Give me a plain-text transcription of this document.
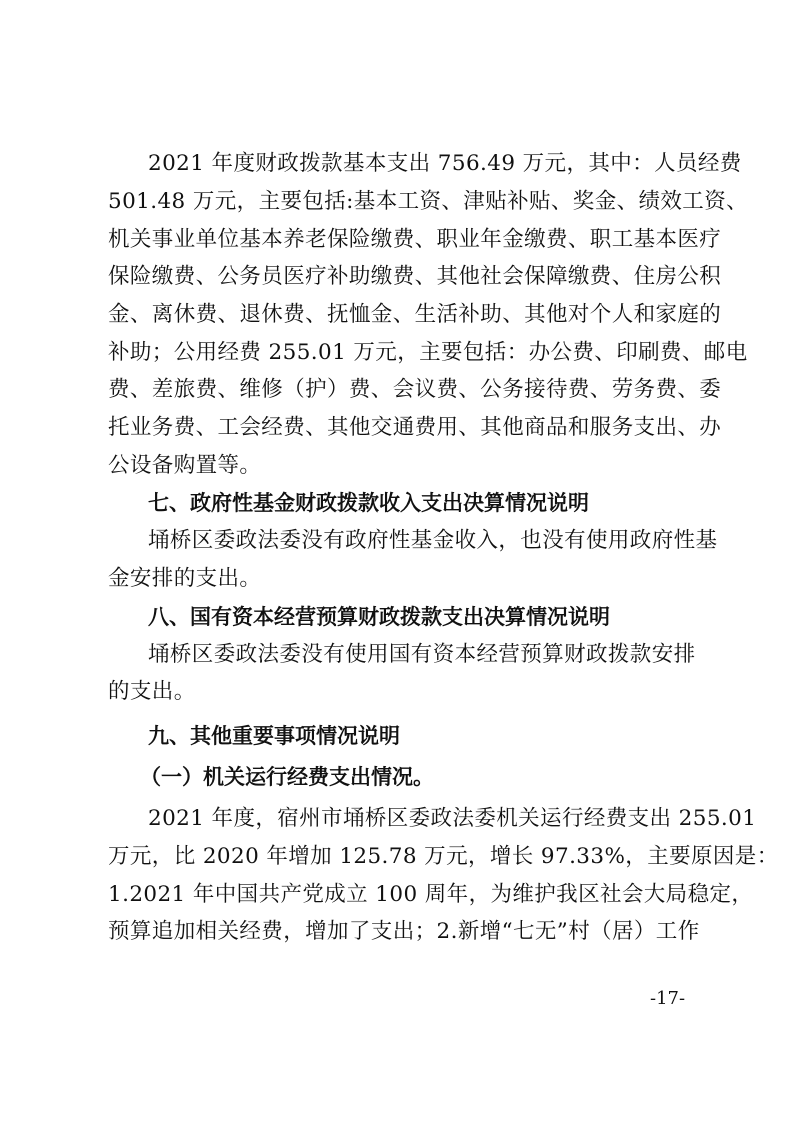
2021 年度财政拨款基本支出 756.49 万元，其中：人员经费
501.48 万元，主要包括:基本工资、津贴补贴、奖金、绩效工资、
机关事业单位基本养老保险缴费、职业年金缴费、职工基本医疗
保险缴费、公务员医疗补助缴费、其他社会保障缴费、住房公积
金、离休费、退休费、抚恤金、生活补助、其他对个人和家庭的
补助；公用经费 255.01 万元，主要包括：办公费、印刷费、邮电
费、差旅费、维修（护）费、会议费、公务接待费、劳务费、委
托业务费、工会经费、其他交通费用、其他商品和服务支出、办
公设备购置等。
七、政府性基金财政拨款收入支出决算情况说明
埇桥区委政法委没有政府性基金收入，也没有使用政府性基
金安排的支出。
八、国有资本经营预算财政拨款支出决算情况说明
埇桥区委政法委没有使用国有资本经营预算财政拨款安排
的支出。
九、其他重要事项情况说明
（一）机关运行经费支出情况。
2021 年度，宿州市埇桥区委政法委机关运行经费支出 255.01
万元，比 2020 年增加 125.78 万元，增长 97.33%，主要原因是：
1.2021 年中国共产党成立 100 周年，为维护我区社会大局稳定，
预算追加相关经费，增加了支出；2.新增“七无”村（居）工作
-17-
